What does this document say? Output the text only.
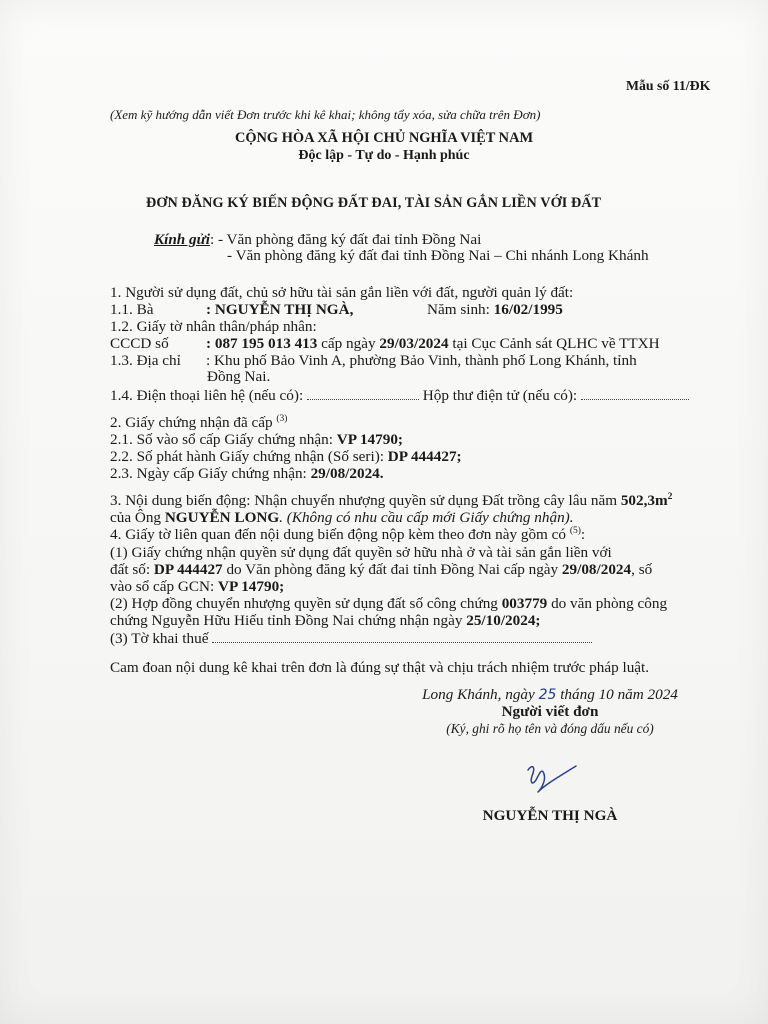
Mẫu số 11/ĐK
(Xem kỹ hướng dẫn viết Đơn trước khi kê khai; không tẩy xóa, sửa chữa trên Đơn)
CỘNG HÒA XÃ HỘI CHỦ NGHĨA VIỆT NAM
Độc lập - Tự do - Hạnh phúc
ĐƠN ĐĂNG KÝ BIẾN ĐỘNG ĐẤT ĐAI, TÀI SẢN GẮN LIỀN VỚI ĐẤT
Kính gửi: - Văn phòng đăng ký đất đai tỉnh Đồng Nai
- Văn phòng đăng ký đất đai tỉnh Đồng Nai – Chi nhánh Long Khánh
1. Người sử dụng đất, chủ sở hữu tài sản gắn liền với đất, người quản lý đất:
1.1. Bà	: NGUYỄN THỊ NGÀ,	Năm sinh: 16/02/1995
1.2. Giấy tờ nhân thân/pháp nhân:
CCCD số : 087 195 013 413 cấp ngày 29/03/2024 tại Cục Cảnh sát QLHC về TTXH
1.3. Địa chỉ : Khu phố Bảo Vinh A, phường Bảo Vinh, thành phố Long Khánh, tỉnh
Đồng Nai.
1.4. Điện thoại liên hệ (nếu có):	Hộp thư điện tử (nếu có):
2. Giấy chứng nhận đã cấp $^{(3)}$
2.1. Số vào sổ cấp Giấy chứng nhận: VP 14790;
2.2. Số phát hành Giấy chứng nhận (Số seri): DP 444427;
2.3. Ngày cấp Giấy chứng nhận: 29/08/2024.
3. Nội dung biến động: Nhận chuyển nhượng quyền sử dụng Đất trồng cây lâu năm $502,3m^2$
của Ông NGUYỄN LONG. (Không có nhu cầu cấp mới Giấy chứng nhận).
4. Giấy tờ liên quan đến nội dung biến động nộp kèm theo đơn này gồm có $^{(5)}$:
(1) Giấy chứng nhận quyền sử dụng đất quyền sở hữu nhà ở và tài sản gắn liền với
đất số: DP 444427 do Văn phòng đăng ký đất đai tỉnh Đồng Nai cấp ngày 29/08/2024, số
vào sổ cấp GCN: VP 14790;
(2) Hợp đồng chuyển nhượng quyền sử dụng đất số công chứng 003779 do văn phòng công
chứng Nguyễn Hữu Hiếu tỉnh Đồng Nai chứng nhận ngày 25/10/2024;
(3) Tờ khai thuế
Cam đoan nội dung kê khai trên đơn là đúng sự thật và chịu trách nhiệm trước pháp luật.
Long Khánh, ngày 25 tháng 10 năm 2024
Người viết đơn
(Ký, ghi rõ họ tên và đóng dấu nếu có)
NGUYỄN THỊ NGÀ
